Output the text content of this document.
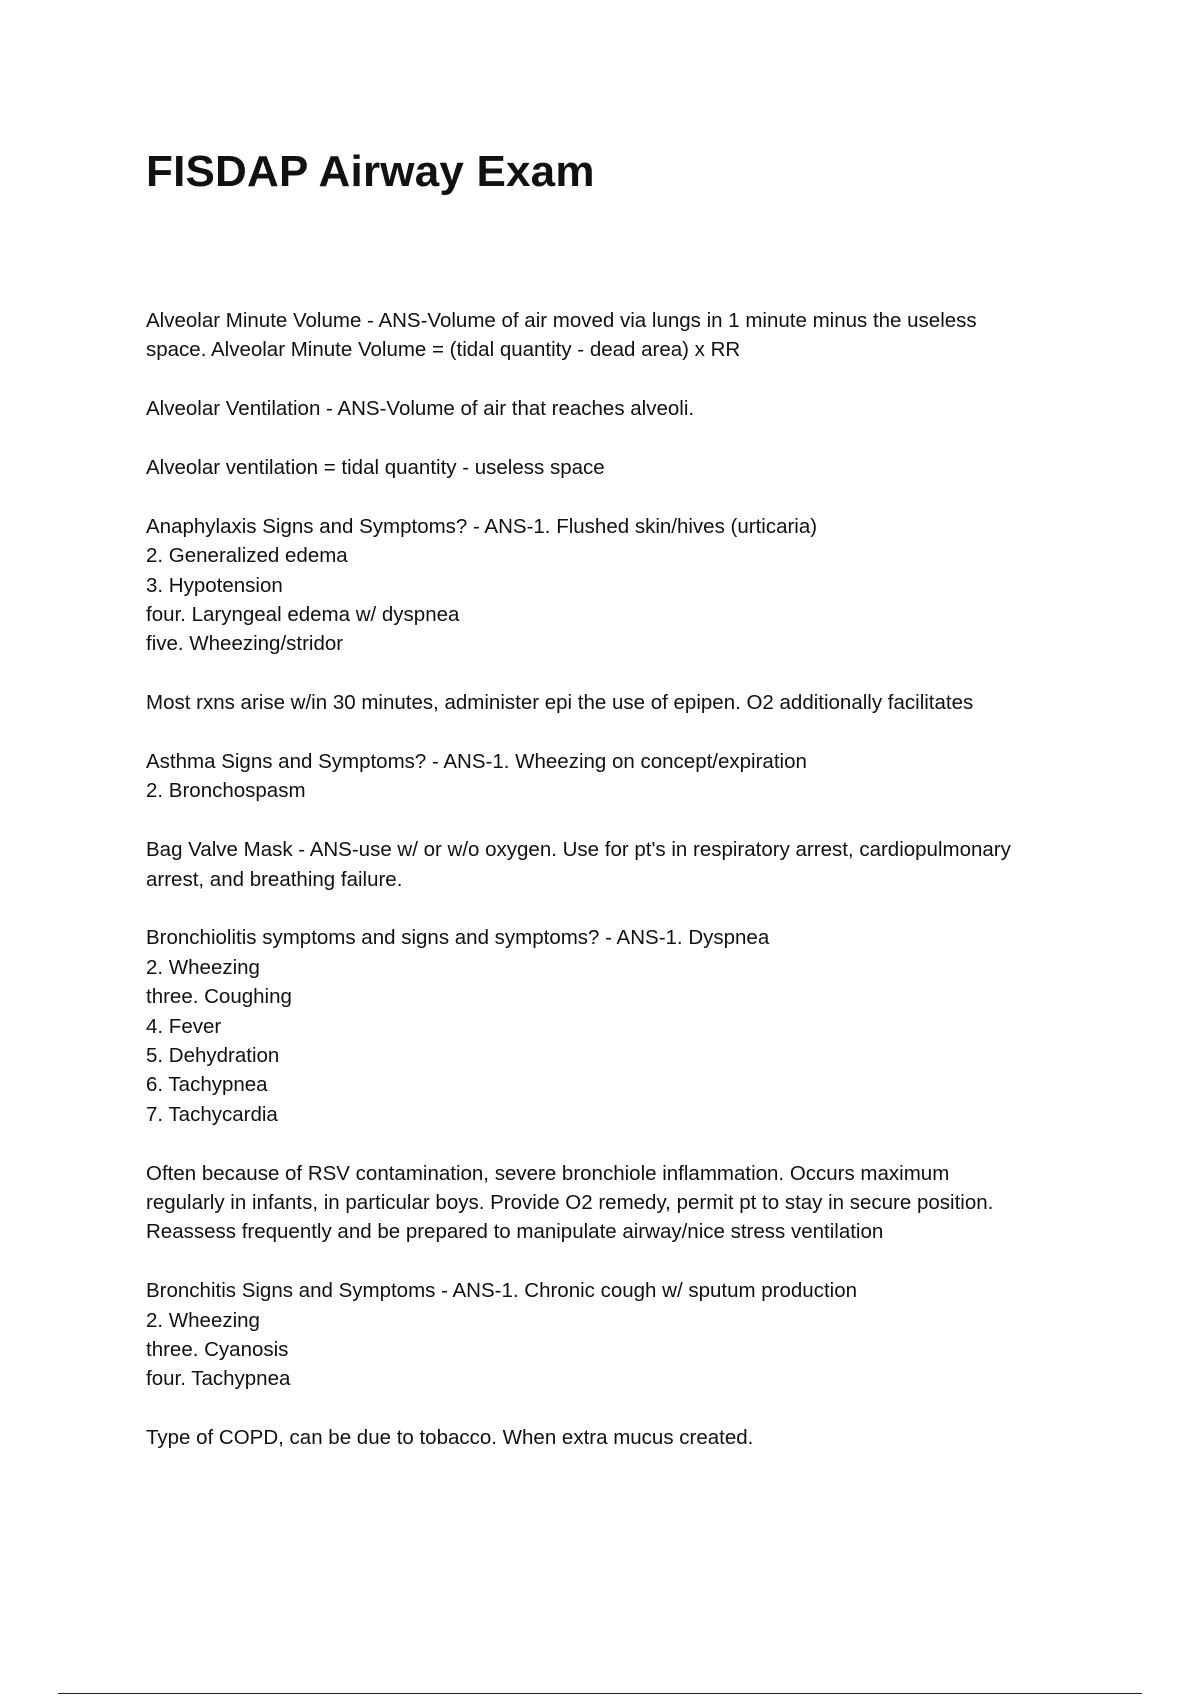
FISDAP Airway Exam
Alveolar Minute Volume - ANS-Volume of air moved via lungs in 1 minute minus the useless
space. Alveolar Minute Volume = (tidal quantity - dead area) x RR
Alveolar Ventilation - ANS-Volume of air that reaches alveoli.
Alveolar ventilation = tidal quantity - useless space
Anaphylaxis Signs and Symptoms? - ANS-1. Flushed skin/hives (urticaria)
2. Generalized edema
3. Hypotension
four. Laryngeal edema w/ dyspnea
five. Wheezing/stridor
Most rxns arise w/in 30 minutes, administer epi the use of epipen. O2 additionally facilitates
Asthma Signs and Symptoms? - ANS-1. Wheezing on concept/expiration
2. Bronchospasm
Bag Valve Mask - ANS-use w/ or w/o oxygen. Use for pt's in respiratory arrest, cardiopulmonary
arrest, and breathing failure.
Bronchiolitis symptoms and signs and symptoms? - ANS-1. Dyspnea
2. Wheezing
three. Coughing
4. Fever
5. Dehydration
6. Tachypnea
7. Tachycardia
Often because of RSV contamination, severe bronchiole inflammation. Occurs maximum
regularly in infants, in particular boys. Provide O2 remedy, permit pt to stay in secure position.
Reassess frequently and be prepared to manipulate airway/nice stress ventilation
Bronchitis Signs and Symptoms - ANS-1. Chronic cough w/ sputum production
2. Wheezing
three. Cyanosis
four. Tachypnea
Type of COPD, can be due to tobacco. When extra mucus created.
